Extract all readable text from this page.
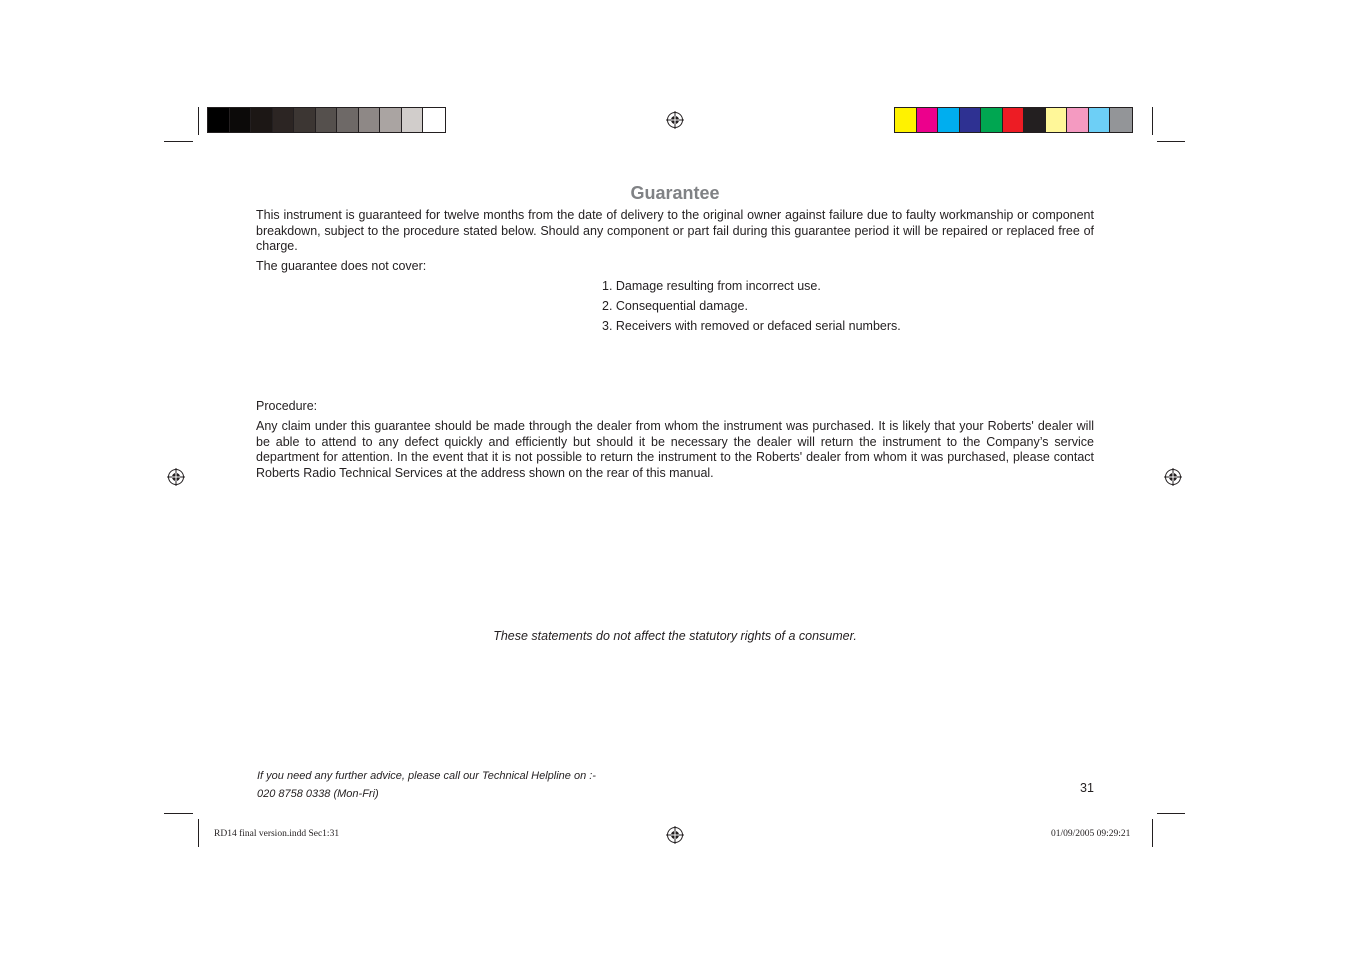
Guarantee
This instrument is guaranteed for twelve months from the date of delivery to the original owner against failure due to faulty workmanship or component breakdown, subject to the procedure stated below. Should any component or part fail during this guarantee period it will be repaired or replaced free of charge.
The guarantee does not cover:
1. Damage resulting from incorrect use.
2. Consequential damage.
3. Receivers with removed or defaced serial numbers.
Procedure:
Any claim under this guarantee should be made through the dealer from whom the instrument was purchased. It is likely that your Roberts' dealer will be able to attend to any defect quickly and efficiently but should it be necessary the dealer will return the instrument to the Company’s service department for attention. In the event that it is not possible to return the instrument to the Roberts' dealer from whom it was purchased, please contact Roberts Radio Technical Services at the address shown on the rear of this manual.
These statements do not affect the statutory rights of a consumer.
If you need any further advice, please call our Technical Helpline on :-
020 8758 0338 (Mon-Fri)	31
RD14 final version.indd Sec1:31	01/09/2005 09:29:21
